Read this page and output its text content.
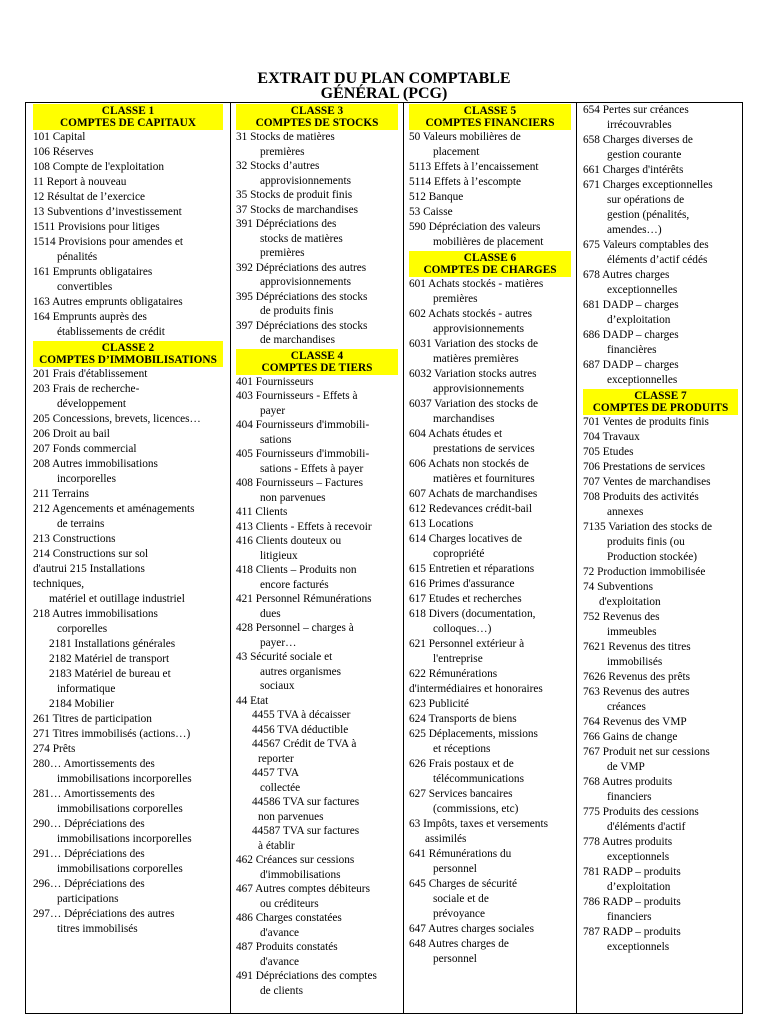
EXTRAIT DU PLAN COMPTABLE
GÉNÉRAL (PCG)
CLASSE 1
COMPTES DE CAPITAUX
101 Capital
106 Réserves
108 Compte de l'exploitation
11 Report à nouveau
12 Résultat de l’exercice
13 Subventions d’investissement
1511 Provisions pour litiges
1514 Provisions pour amendes et
pénalités
161 Emprunts obligataires
convertibles
163 Autres emprunts obligataires
164 Emprunts auprès des
établissements de crédit
CLASSE 2
COMPTES D’IMMOBILISATIONS
201 Frais d'établissement
203 Frais de recherche-
développement
205 Concessions, brevets, licences…
206 Droit au bail
207 Fonds commercial
208 Autres immobilisations
incorporelles
211 Terrains
212 Agencements et aménagements
de terrains
213 Constructions
214 Constructions sur sol
d'autrui 215 Installations
techniques,
matériel et outillage industriel
218 Autres immobilisations
corporelles
2181 Installations générales
2182 Matériel de transport
2183 Matériel de bureau et
informatique
2184 Mobilier
261 Titres de participation
271 Titres immobilisés (actions…)
274 Prêts
280… Amortissements des
immobilisations incorporelles
281… Amortissements des
immobilisations corporelles
290… Dépréciations des
immobilisations incorporelles
291… Dépréciations des
immobilisations corporelles
296… Dépréciations des
participations
297… Dépréciations des autres
titres immobilisés
CLASSE 3
COMPTES DE STOCKS
31 Stocks de matières
premières
32 Stocks d’autres
approvisionnements
35 Stocks de produit finis
37 Stocks de marchandises
391 Dépréciations des
stocks de matières
premières
392 Dépréciations des autres
approvisionnements
395 Dépréciations des stocks
de produits finis
397 Dépréciations des stocks
de marchandises
CLASSE 4
COMPTES DE TIERS
401 Fournisseurs
403 Fournisseurs - Effets à
payer
404 Fournisseurs d'immobili-
sations
405 Fournisseurs d'immobili-
sations - Effets à payer
408 Fournisseurs – Factures
non parvenues
411 Clients
413 Clients - Effets à recevoir
416 Clients douteux ou
litigieux
418 Clients – Produits non
encore facturés
421 Personnel Rémunérations
dues
428 Personnel – charges à
payer…
43 Sécurité sociale et
autres organismes
sociaux
44 Etat
4455 TVA à décaisser
4456 TVA déductible
44567 Crédit de TVA à
reporter
4457 TVA
collectée
44586 TVA sur factures
non parvenues
44587 TVA sur factures
à établir
462 Créances sur cessions
d'immobilisations
467 Autres comptes débiteurs
ou créditeurs
486 Charges constatées
d'avance
487 Produits constatés
d'avance
491 Dépréciations des comptes
de clients
CLASSE 5
COMPTES FINANCIERS
50 Valeurs mobilières de
placement
5113 Effets à l’encaissement
5114 Effets à l’escompte
512 Banque
53 Caisse
590 Dépréciation des valeurs
mobilières de placement
CLASSE 6
COMPTES DE CHARGES
601 Achats stockés - matières
premières
602 Achats stockés - autres
approvisionnements
6031 Variation des stocks de
matières premières
6032 Variation stocks autres
approvisionnements
6037 Variation des stocks de
marchandises
604 Achats études et
prestations de services
606 Achats non stockés de
matières et fournitures
607 Achats de marchandises
612 Redevances crédit-bail
613 Locations
614 Charges locatives de
copropriété
615 Entretien et réparations
616 Primes d'assurance
617 Etudes et recherches
618 Divers (documentation,
colloques…)
621 Personnel extérieur à
l'entreprise
622 Rémunérations
d'intermédiaires et honoraires
623 Publicité
624 Transports de biens
625 Déplacements, missions
et réceptions
626 Frais postaux et de
télécommunications
627 Services bancaires
(commissions, etc)
63 Impôts, taxes et versements
assimilés
641 Rémunérations du
personnel
645 Charges de sécurité
sociale et de
prévoyance
647 Autres charges sociales
648 Autres charges de
personnel
654 Pertes sur créances
irrécouvrables
658 Charges diverses de
gestion courante
661 Charges d'intérêts
671 Charges exceptionnelles
sur opérations de
gestion (pénalités,
amendes…)
675 Valeurs comptables des
éléments d’actif cédés
678 Autres charges
exceptionnelles
681 DADP – charges
d’exploitation
686 DADP – charges
financières
687 DADP – charges
exceptionnelles
CLASSE 7
COMPTES DE PRODUITS
701 Ventes de produits finis
704 Travaux
705 Etudes
706 Prestations de services
707 Ventes de marchandises
708 Produits des activités
annexes
7135 Variation des stocks de
produits finis (ou
Production stockée)
72 Production immobilisée
74 Subventions
d'exploitation
752 Revenus des
immeubles
7621 Revenus des titres
immobilisés
7626 Revenus des prêts
763 Revenus des autres
créances
764 Revenus des VMP
766 Gains de change
767 Produit net sur cessions
de VMP
768 Autres produits
financiers
775 Produits des cessions
d'éléments d'actif
778 Autres produits
exceptionnels
781 RADP – produits
d’exploitation
786 RADP – produits
financiers
787 RADP – produits
exceptionnels
